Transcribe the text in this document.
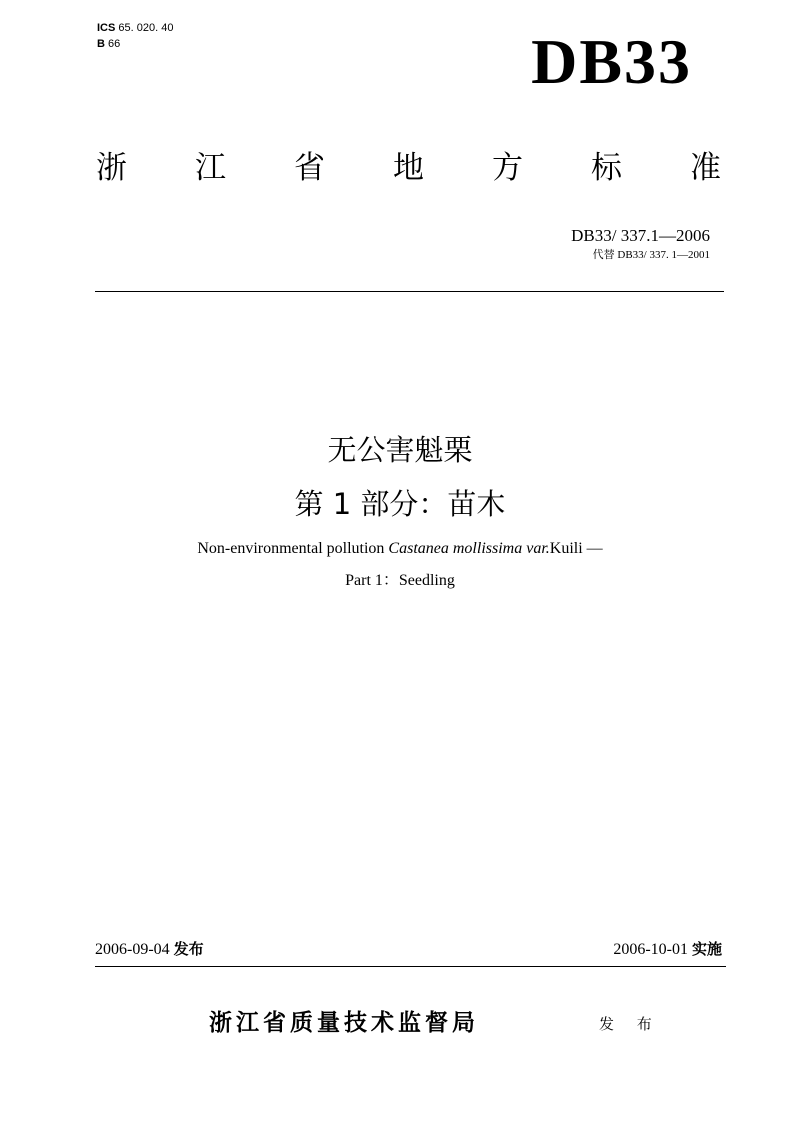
ICS 65. 020. 40
B 66	DB33
浙 江 省 地 方 标 准
DB33/ 337.1—2006
代替 DB33/ 337. 1—2001
无公害魁栗
第 1 部分：苗木
Non-environmental pollution Castanea mollissima var.Kuili —
Part 1：Seedling
2006-09-04 发布	2006-10-01 实施
浙江省质量技术监督局	发 布
